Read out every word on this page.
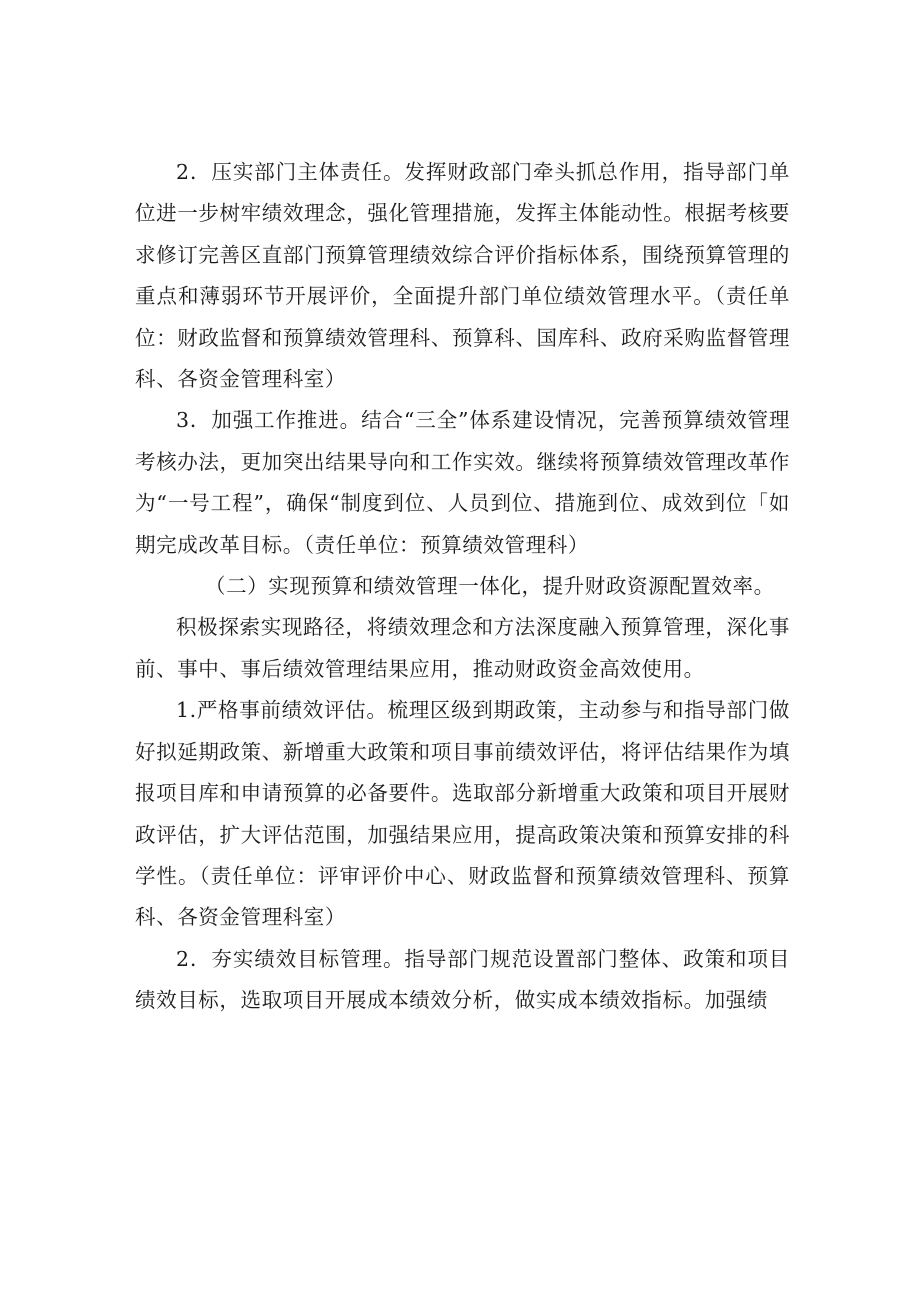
2．压实部门主体责任。发挥财政部门牵头抓总作用，指导部门单位进一步树牢绩效理念，强化管理措施，发挥主体能动性。根据考核要求修订完善区直部门预算管理绩效综合评价指标体系，围绕预算管理的重点和薄弱环节开展评价，全面提升部门单位绩效管理水平。（责任单位：财政监督和预算绩效管理科、预算科、国库科、政府采购监督管理科、各资金管理科室）

3．加强工作推进。结合“三全”体系建设情况，完善预算绩效管理考核办法，更加突出结果导向和工作实效。继续将预算绩效管理改革作为“一号工程”，确保“制度到位、人员到位、措施到位、成效到位「如期完成改革目标。（责任单位：预算绩效管理科）

（二）实现预算和绩效管理一体化，提升财政资源配置效率。

积极探索实现路径，将绩效理念和方法深度融入预算管理，深化事前、事中、事后绩效管理结果应用，推动财政资金高效使用。

1.严格事前绩效评估。梳理区级到期政策，主动参与和指导部门做好拟延期政策、新增重大政策和项目事前绩效评估，将评估结果作为填报项目库和申请预算的必备要件。选取部分新增重大政策和项目开展财政评估，扩大评估范围，加强结果应用，提高政策决策和预算安排的科学性。（责任单位：评审评价中心、财政监督和预算绩效管理科、预算科、各资金管理科室）

2．夯实绩效目标管理。指导部门规范设置部门整体、政策和项目绩效目标，选取项目开展成本绩效分析，做实成本绩效指标。加强绩
